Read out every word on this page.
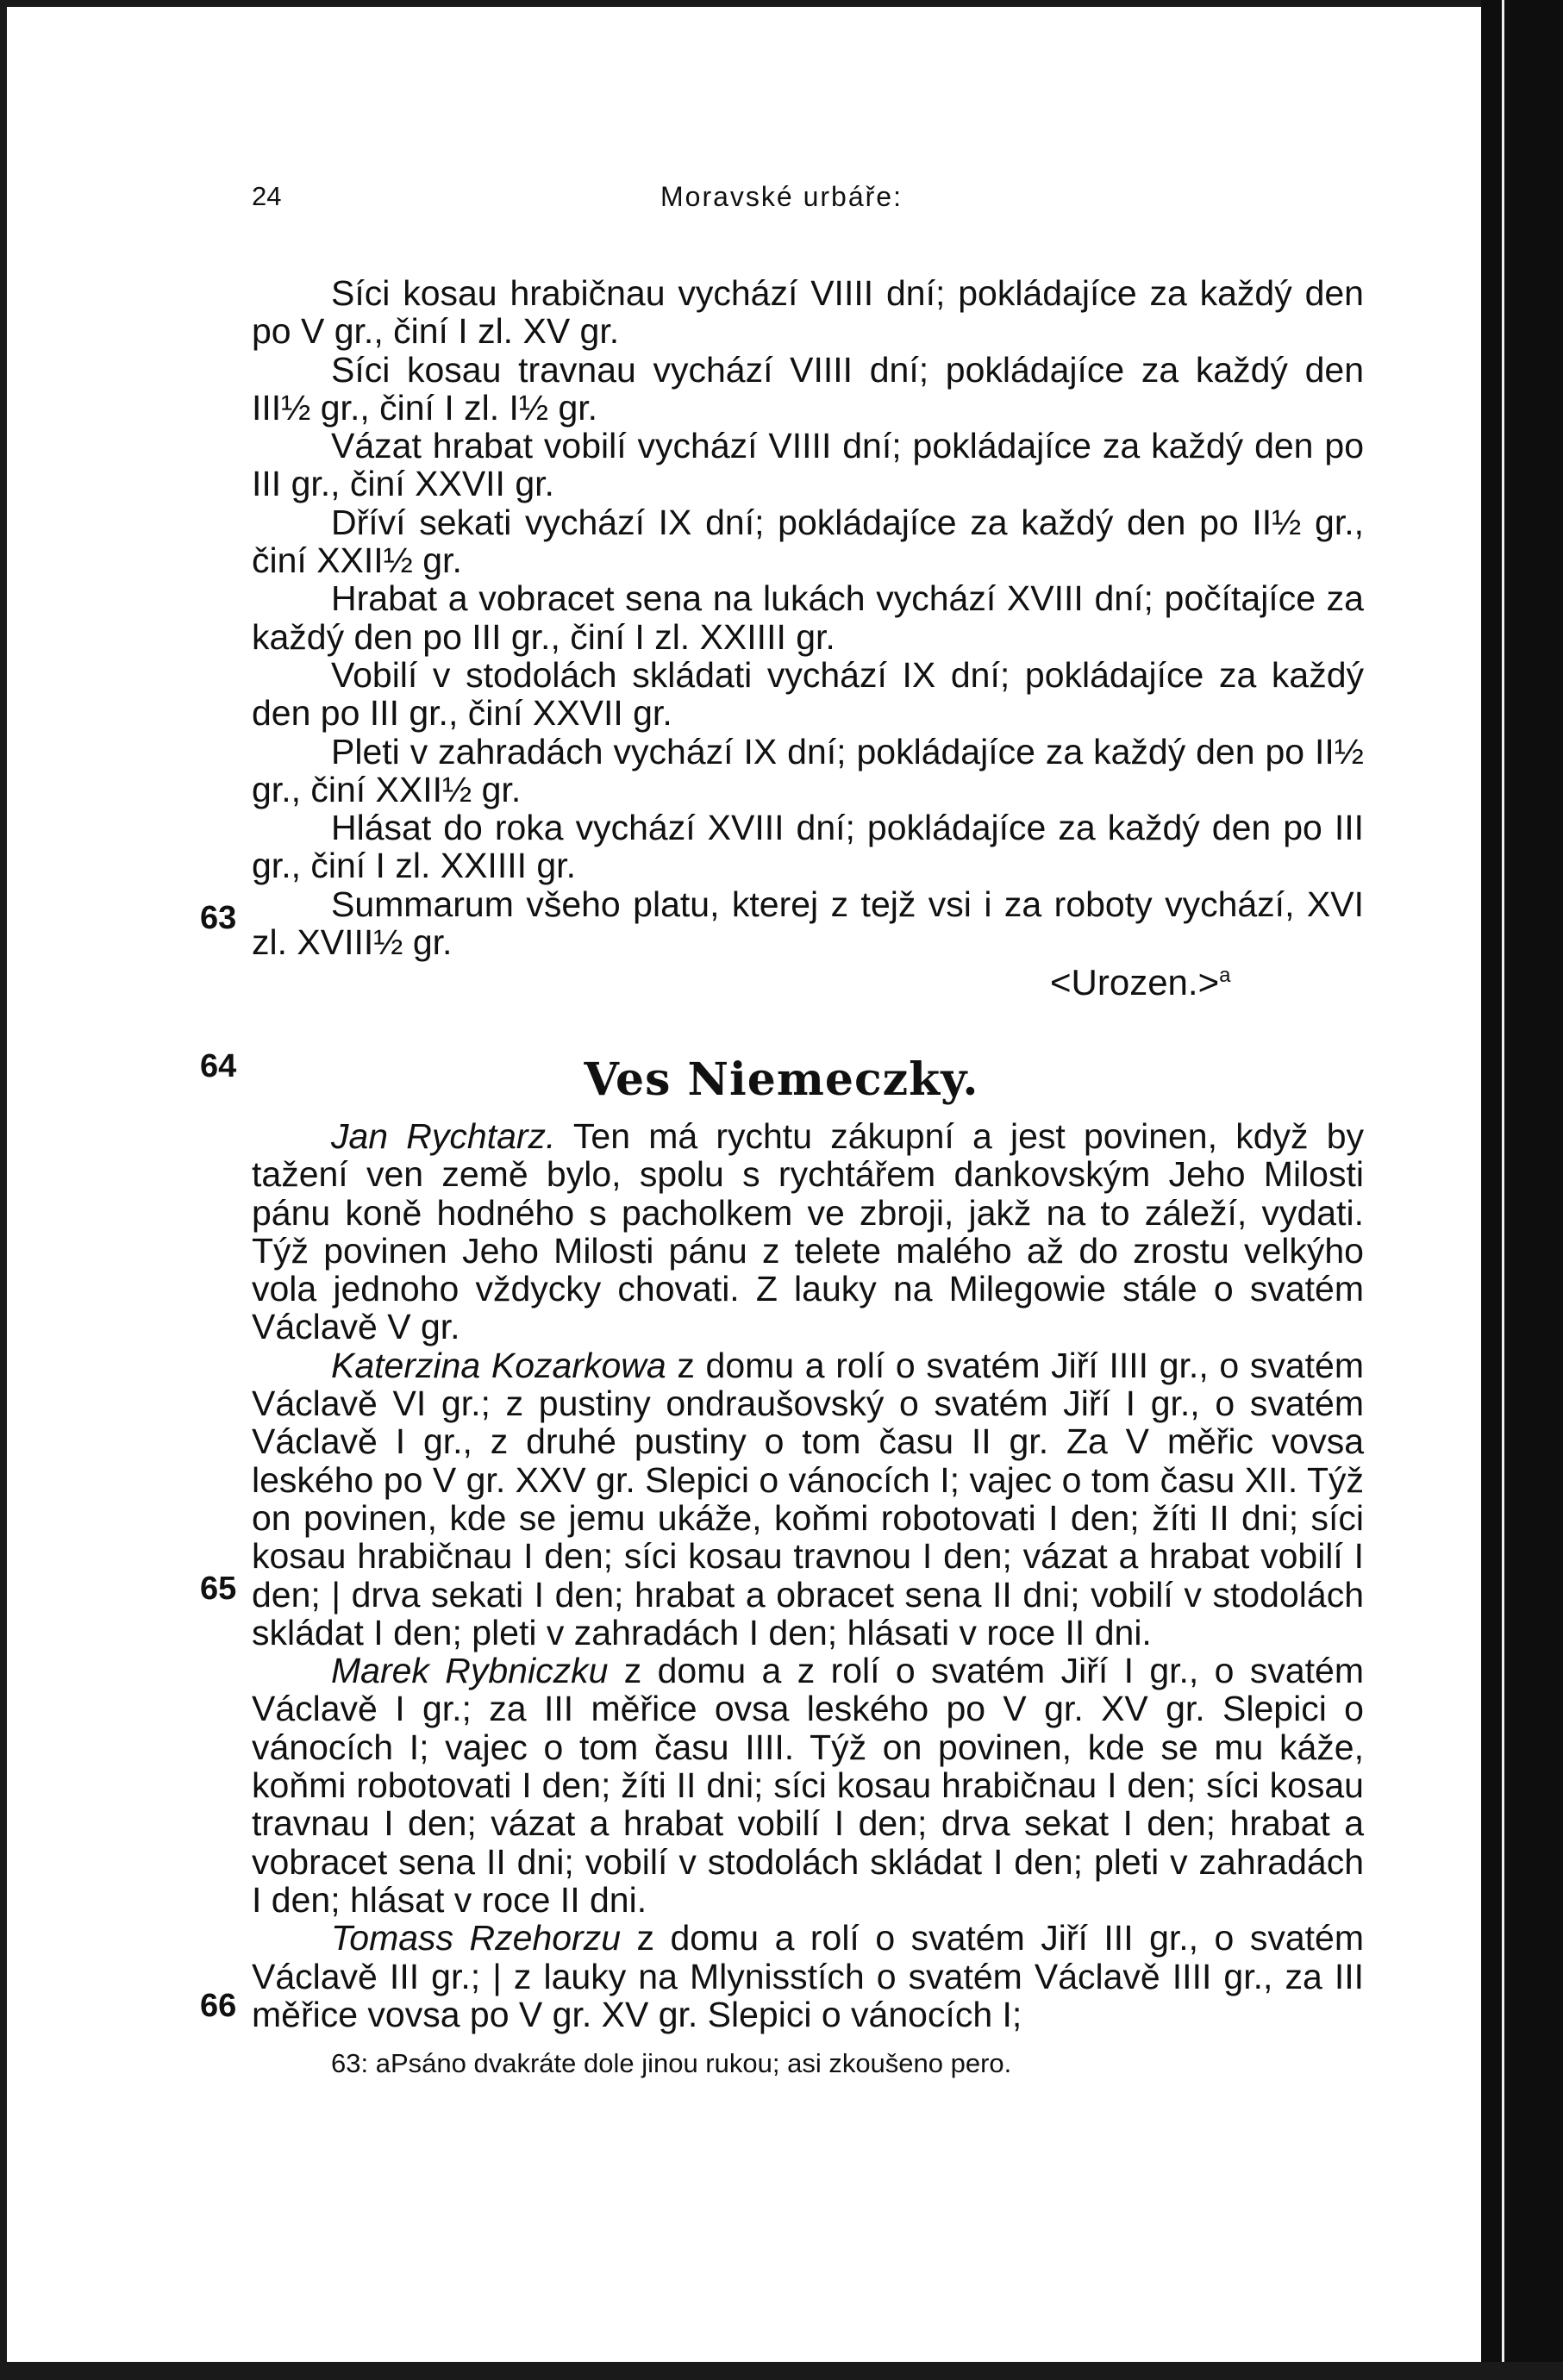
24	Moravské urbáře:

Síci kosau hrabičnau vychází VIIII dní; pokládajíce za každý den po V gr., činí I zl. XV gr.

Síci kosau travnau vychází VIIII dní; pokládajíce za každý den III½ gr., činí I zl. I½ gr.

Vázat hrabat vobilí vychází VIIII dní; pokládajíce za každý den po III gr., činí XXVII gr.

Dříví sekati vychází IX dní; pokládajíce za každý den po II½ gr., činí XXII½ gr.

Hrabat a vobracet sena na lukách vychází XVIII dní; počítajíce za každý den po III gr., činí I zl. XXIIII gr.

Vobilí v stodolách skládati vychází IX dní; pokládajíce za každý den po III gr., činí XXVII gr.

Pleti v zahradách vychází IX dní; pokládajíce za každý den po II½ gr., činí XXII½ gr.

Hlásat do roka vychází XVIII dní; pokládajíce za každý den po III gr., činí I zl. XXIIII gr.

Summarum všeho platu, kterej z tejž vsi i za roboty vychází, XVI zl. XVIII½ gr.

63
<Urozen.>$^a$
64	Ves Niemeczky.

Jan Rychtarz. Ten má rychtu zákupní a jest povinen, když by tažení ven země bylo, spolu s rychtářem dankovským Jeho Milosti pánu koně hodného s pacholkem ve zbroji, jakž na to záleží, vydati. Týž povinen Jeho Milosti pánu z telete malého až do zrostu velkýho vola jednoho vždycky chovati. Z lauky na Milegowie stále o svatém Václavě V gr.

Katerzina Kozarkowa z domu a rolí o svatém Jiří IIII gr., o svatém Václavě VI gr.; z pustiny ondraušovský o svatém Jiří I gr., o svatém Václavě I gr., z druhé pustiny o tom času II gr. Za V měřic vovsa leského po V gr. XXV gr. Slepici o vánocích I; vajec o tom času XII. Týž on povinen, kde se jemu ukáže, koňmi robotovati I den; žíti II dni; síci kosau hrabičnau I den; síci kosau travnou I den; vázat a hrabat vobilí I den; | drva sekati I den; hrabat a obracet sena II dni; vobilí v stodolách skládat I den; pleti v zahradách I den; hlásati v roce II dni.

Marek Rybniczku z domu a z rolí o svatém Jiří I gr., o svatém Václavě I gr.; za III měřice ovsa leského po V gr. XV gr. Slepici o vánocích I; vajec o tom času IIII. Týž on povinen, kde se mu káže, koňmi robotovati I den; žíti II dni; síci kosau hrabičnau I den; síci kosau travnau I den; vázat a hrabat vobilí I den; drva sekat I den; hrabat a vobracet sena II dni; vobilí v stodolách skládat I den; pleti v zahradách I den; hlásat v roce II dni.

Tomass Rzehorzu z domu a rolí o svatém Jiří III gr., o svatém Václavě III gr.; | z lauky na Mlynisstích o svatém Václavě IIII gr., za III měřice vovsa po V gr. XV gr. Slepici o vánocích I;

65
66
63: aPsáno dvakráte dole jinou rukou; asi zkoušeno pero.
